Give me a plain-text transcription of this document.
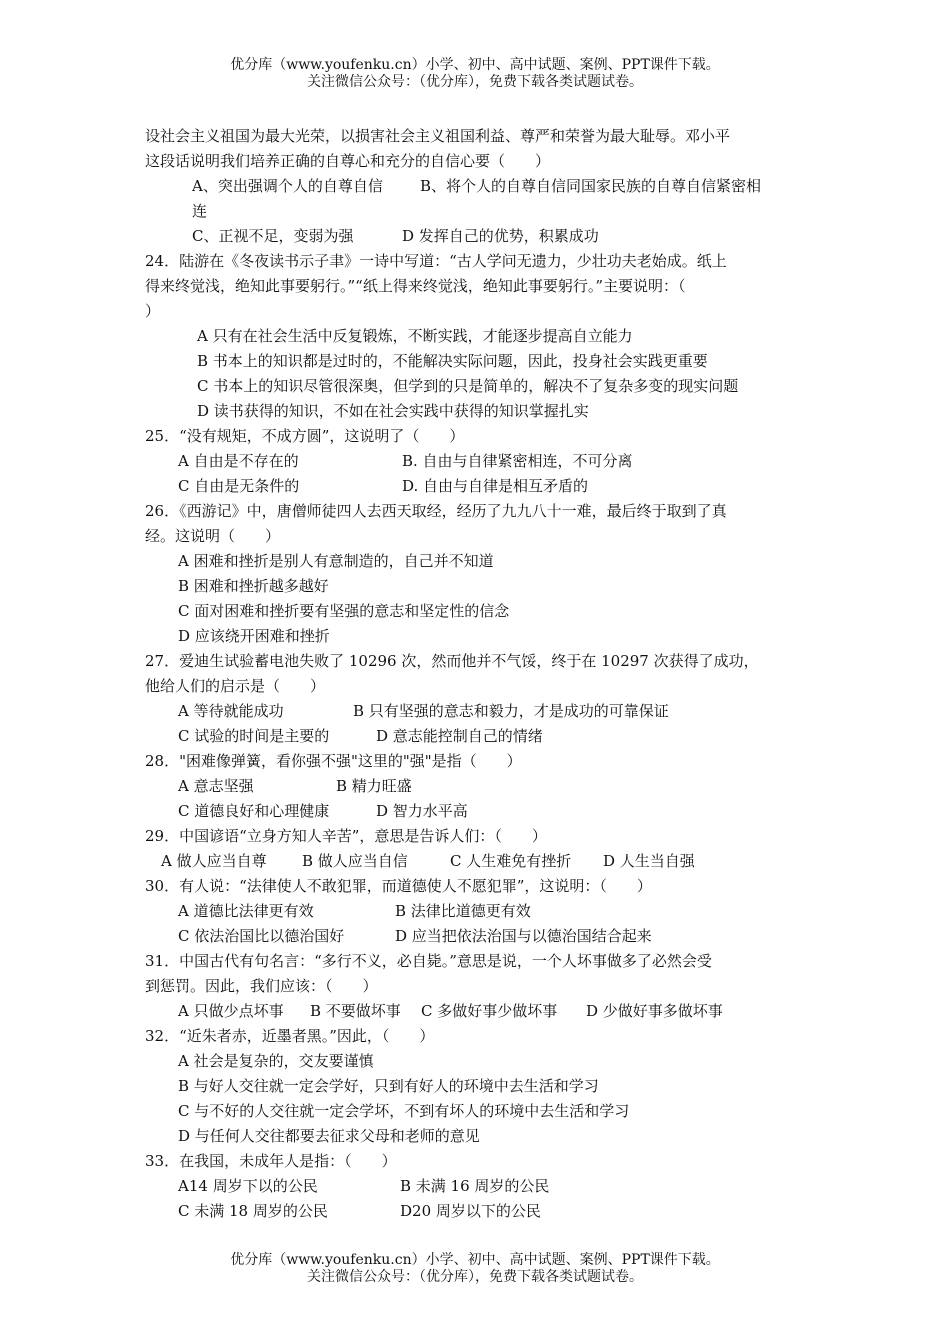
优分库（www.youfenku.cn）小学、初中、高中试题、案例、PPT课件下载。
关注微信公众号：（优分库），免费下载各类试题试卷。
设社会主义祖国为最大光荣，以损害社会主义祖国利益、尊严和荣誉为最大耻辱。邓小平
这段话说明我们培养正确的自尊心和充分的自信心要（　　）
A、突出强调个人的自尊自信 B、将个人的自尊自信同国家民族的自尊自信紧密相
连
C、正视不足，变弱为强	D 发挥自己的优势，积累成功
24．陆游在《冬夜读书示子聿》一诗中写道：“古人学问无遗力，少壮功夫老始成。纸上
得来终觉浅，绝知此事要躬行。”“纸上得来终觉浅，绝知此事要躬行。”主要说明：（
）
A 只有在社会生活中反复锻炼，不断实践，才能逐步提高自立能力
B 书本上的知识都是过时的，不能解决实际问题，因此，投身社会实践更重要
C 书本上的知识尽管很深奥，但学到的只是简单的，解决不了复杂多变的现实问题
D 读书获得的知识，不如在社会实践中获得的知识掌握扎实
25．“没有规矩，不成方圆”，这说明了（　　）
A 自由是不存在的	B. 自由与自律紧密相连，不可分离
C 自由是无条件的	D. 自由与自律是相互矛盾的
26．《西游记》中，唐僧师徒四人去西天取经，经历了九九八十一难，最后终于取到了真
经。这说明（　　）
A 困难和挫折是别人有意制造的，自己并不知道
B 困难和挫折越多越好
C 面对困难和挫折要有坚强的意志和坚定性的信念
D 应该绕开困难和挫折
27．爱迪生试验蓄电池失败了 10296 次，然而他并不气馁，终于在 10297 次获得了成功，
他给人们的启示是（　　）
A 等待就能成功	B 只有坚强的意志和毅力，才是成功的可靠保证
C 试验的时间是主要的	D 意志能控制自己的情绪
28．"困难像弹簧，看你强不强"这里的"强"是指（　　）
A 意志坚强	B 精力旺盛
C 道德良好和心理健康	D 智力水平高
29．中国谚语“立身方知人辛苦”，意思是告诉人们：（　　）
A 做人应当自尊 B 做人应当自信	C 人生难免有挫折 D 人生当自强
30．有人说：“法律使人不敢犯罪，而道德使人不愿犯罪”，这说明：（　　）
A 道德比法律更有效	B 法律比道德更有效
C 依法治国比以德治国好	D 应当把依法治国与以德治国结合起来
31．中国古代有句名言：“多行不义，必自毙。”意思是说，一个人坏事做多了必然会受
到惩罚。因此，我们应该：（　　）
A 只做少点坏事 B 不要做坏事 C 多做好事少做坏事 D 少做好事多做坏事
32．“近朱者赤，近墨者黑。”因此，（　　）
A 社会是复杂的，交友要谨慎
B 与好人交往就一定会学好，只到有好人的环境中去生活和学习
C 与不好的人交往就一定会学坏，不到有坏人的环境中去生活和学习
D 与任何人交往都要去征求父母和老师的意见
33．在我国，未成年人是指：（　　）
A14 周岁下以的公民	B 未满 16 周岁的公民
C 未满 18 周岁的公民	D20 周岁以下的公民
优分库（www.youfenku.cn）小学、初中、高中试题、案例、PPT课件下载。
关注微信公众号：（优分库），免费下载各类试题试卷。
